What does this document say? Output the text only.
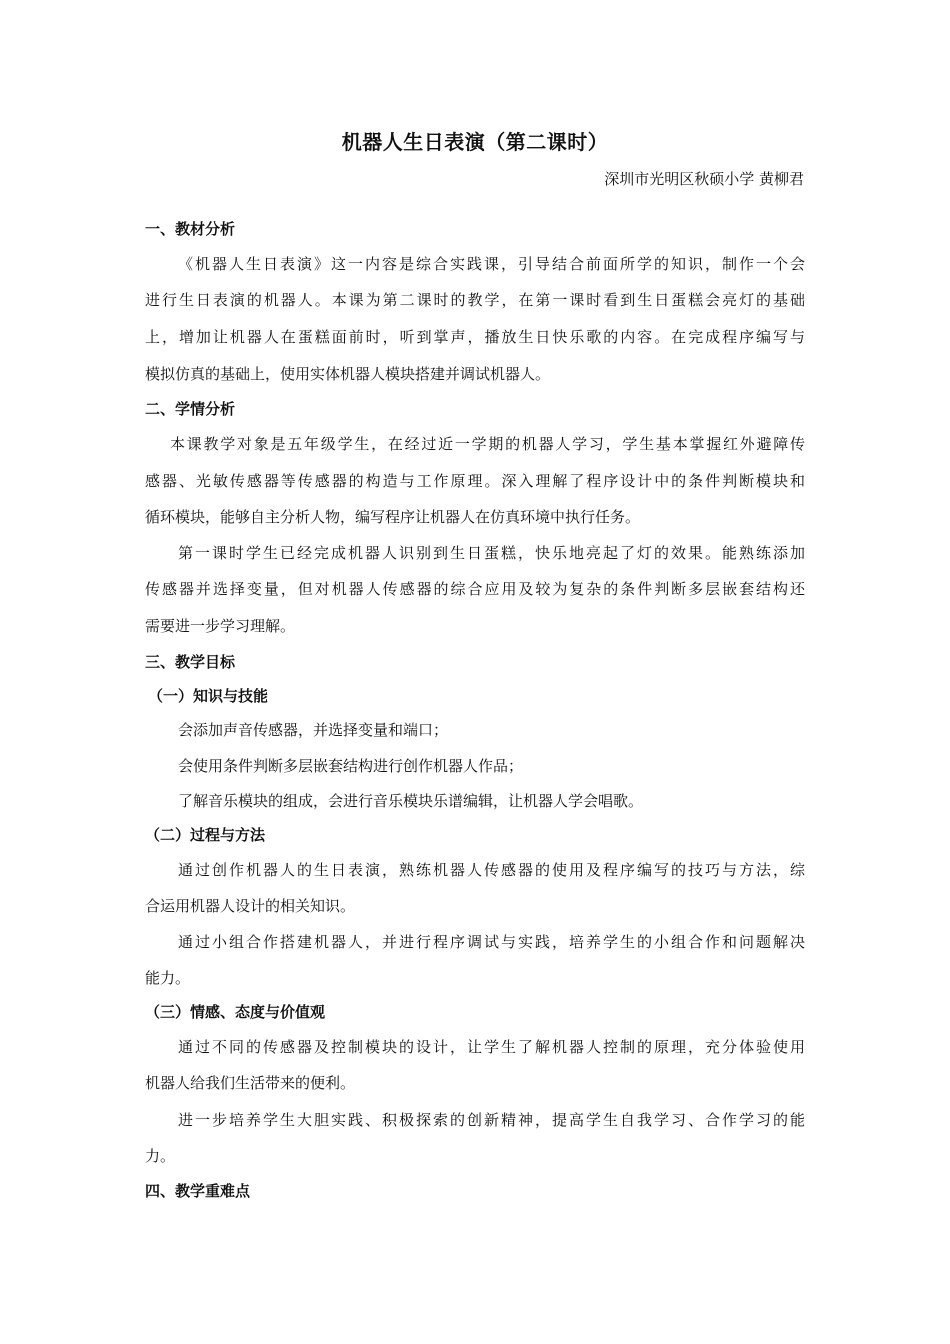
机器人生日表演（第二课时）
深圳市光明区秋硕小学 黄柳君
一、教材分析
《机器人生日表演》这一内容是综合实践课，引导结合前面所学的知识，制作一个会
进行生日表演的机器人。本课为第二课时的教学，在第一课时看到生日蛋糕会亮灯的基础
上，增加让机器人在蛋糕面前时，听到掌声，播放生日快乐歌的内容。在完成程序编写与
模拟仿真的基础上，使用实体机器人模块搭建并调试机器人。
二、学情分析
本课教学对象是五年级学生，在经过近一学期的机器人学习，学生基本掌握红外避障传
感器、光敏传感器等传感器的构造与工作原理。深入理解了程序设计中的条件判断模块和
循环模块，能够自主分析人物，编写程序让机器人在仿真环境中执行任务。
第一课时学生已经完成机器人识别到生日蛋糕，快乐地亮起了灯的效果。能熟练添加
传感器并选择变量，但对机器人传感器的综合应用及较为复杂的条件判断多层嵌套结构还
需要进一步学习理解。
三、教学目标
（一）知识与技能
会添加声音传感器，并选择变量和端口；
会使用条件判断多层嵌套结构进行创作机器人作品；
了解音乐模块的组成，会进行音乐模块乐谱编辑，让机器人学会唱歌。
（二）过程与方法
通过创作机器人的生日表演，熟练机器人传感器的使用及程序编写的技巧与方法，综
合运用机器人设计的相关知识。
通过小组合作搭建机器人，并进行程序调试与实践，培养学生的小组合作和问题解决
能力。
（三）情感、态度与价值观
通过不同的传感器及控制模块的设计，让学生了解机器人控制的原理，充分体验使用
机器人给我们生活带来的便利。
进一步培养学生大胆实践、积极探索的创新精神，提高学生自我学习、合作学习的能
力。
四、教学重难点
